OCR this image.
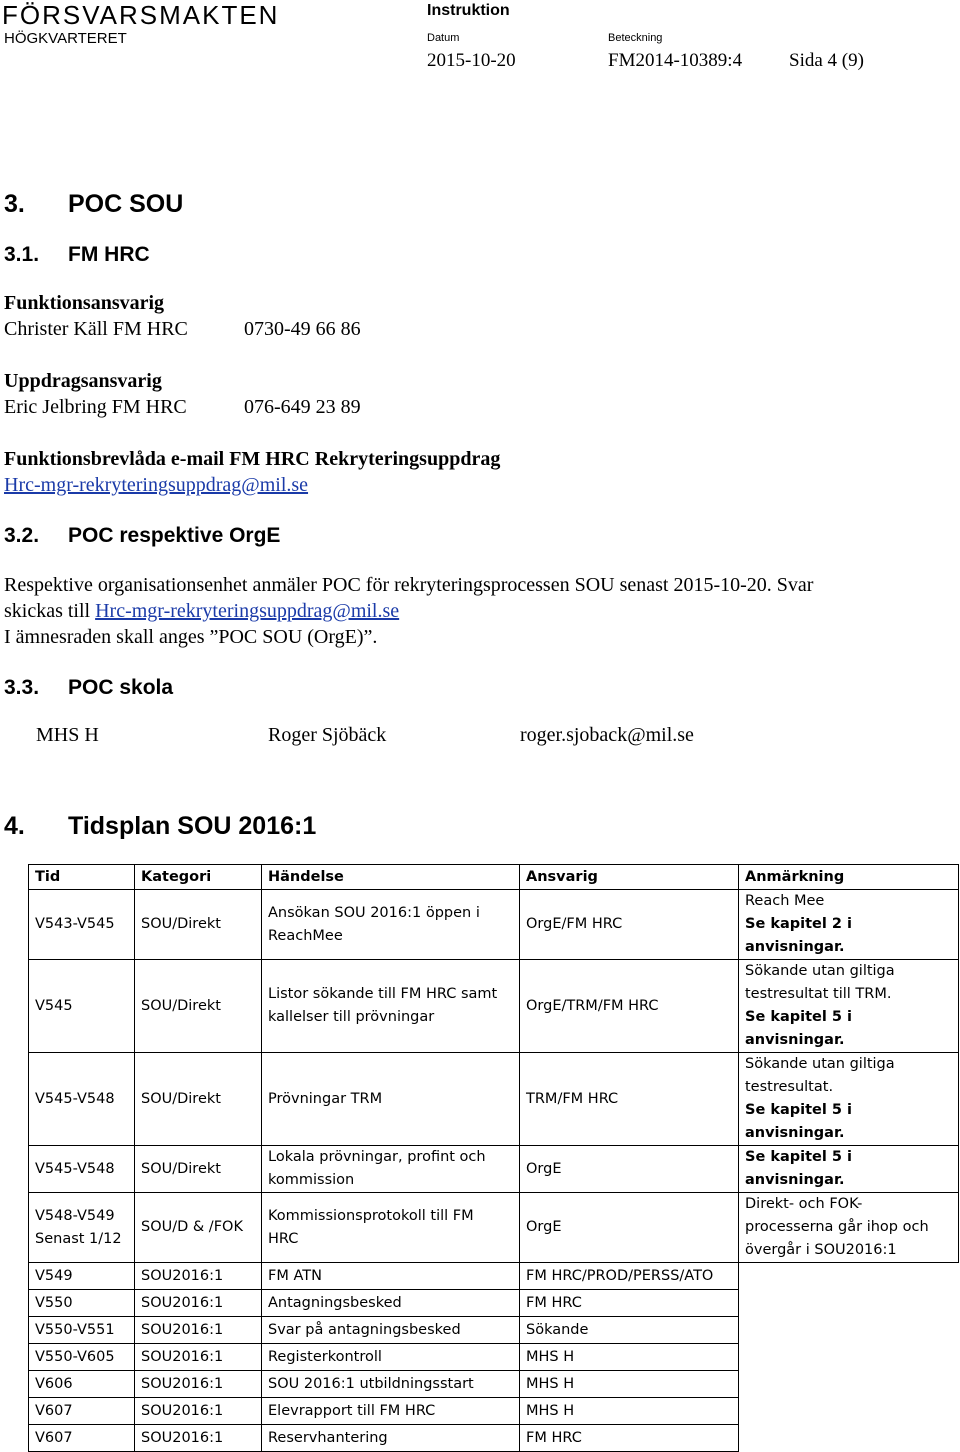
FÖRSVARSMAKTEN
HÖGKVARTERET
Instruktion
Datum	Beteckning
2015-10-20	FM2014-10389:4 Sida 4 (9)
3. POC SOU
3.1. FM HRC
Funktionsansvarig
Christer Käll FM HRC	0730-49 66 86
Uppdragsansvarig
Eric Jelbring FM HRC	076-649 23 89
Funktionsbrevlåda e-mail FM HRC Rekryteringsuppdrag
Hrc-mgr-rekryteringsuppdrag@mil.se
3.2. POC respektive OrgE
Respektive organisationsenhet anmäler POC för rekryteringsprocessen SOU senast 2015-10-20. Svar
skickas till Hrc-mgr-rekryteringsuppdrag@mil.se
I ämnesraden skall anges ”POC SOU (OrgE)”.
3.3. POC skola
MHS H	Roger Sjöbäck	roger.sjoback@mil.se
4. Tidsplan SOU 2016:1
Tid	Kategori	Händelse	Ansvarig	Anmärkning
V543-V545	SOU/Direkt	Ansökan SOU 2016:1 öppen i
ReachMee	OrgE/FM HRC	Reach Mee
Se kapitel 2 i anvisningar.

V545	SOU/Direkt	Listor sökande till FM HRC samt
kallelser till prövningar	OrgE/TRM/FM HRC	Sökande utan giltiga
testresultat till TRM.
Se kapitel 5 i anvisningar.

V545-V548	SOU/Direkt	Prövningar TRM	TRM/FM HRC	Sökande utan giltiga
testresultat.
Se kapitel 5 i anvisningar.

V545-V548	SOU/Direkt	Lokala prövningar, profint och
kommission	OrgE	Se kapitel 5 i anvisningar.

V548-V549
Senast 1/12	SOU/D & /FOK	Kommissionsprotokoll till FM
HRC	OrgE	Direkt- och FOK-
processerna går ihop och
övergår i SOU2016:1

V549	SOU2016:1	FM ATN	FM HRC/PROD/PERSS/ATO	
V550	SOU2016:1	Antagningsbesked	FM HRC	
V550-V551	SOU2016:1	Svar på antagningsbesked	Sökande	
V550-V605	SOU2016:1	Registerkontroll	MHS H	
V606	SOU2016:1	SOU 2016:1 utbildningsstart	MHS H	
V607	SOU2016:1	Elevrapport till FM HRC	MHS H	
V607	SOU2016:1	Reservhantering	FM HRC	
